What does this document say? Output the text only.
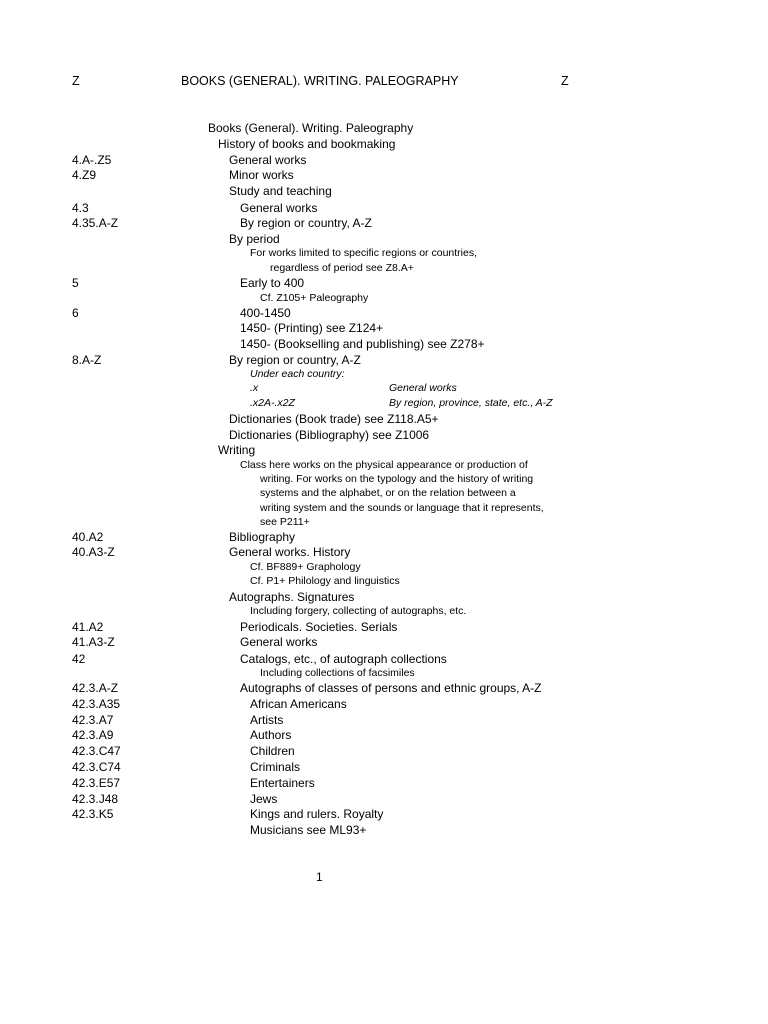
Z	BOOKS (GENERAL). WRITING. PALEOGRAPHY	Z
Books (General). Writing. Paleography
History of books and bookmaking
4.A-.Z5	General works
4.Z9	Minor works
Study and teaching
4.3	General works
4.35.A-Z	By region or country, A-Z
By period
For works limited to specific regions or countries,
regardless of period see Z8.A+
5	Early to 400
Cf. Z105+ Paleography
6	400-1450
1450- (Printing) see Z124+
1450- (Bookselling and publishing) see Z278+
8.A-Z	By region or country, A-Z
Under each country:
.x	General works
.x2A-.x2Z	By region, province, state, etc., A-Z
Dictionaries (Book trade) see Z118.A5+
Dictionaries (Bibliography) see Z1006
Writing
Class here works on the physical appearance or production of
writing. For works on the typology and the history of writing
systems and the alphabet, or on the relation between a
writing system and the sounds or language that it represents,
see P211+
40.A2	Bibliography
40.A3-Z	General works. History
Cf. BF889+ Graphology
Cf. P1+ Philology and linguistics
Autographs. Signatures
Including forgery, collecting of autographs, etc.
41.A2	Periodicals. Societies. Serials
41.A3-Z	General works
42	Catalogs, etc., of autograph collections
Including collections of facsimiles
42.3.A-Z	Autographs of classes of persons and ethnic groups, A-Z
42.3.A35	African Americans
42.3.A7	Artists
42.3.A9	Authors
42.3.C47	Children
42.3.C74	Criminals
42.3.E57	Entertainers
42.3.J48	Jews
42.3.K5	Kings and rulers. Royalty
Musicians see ML93+
1
